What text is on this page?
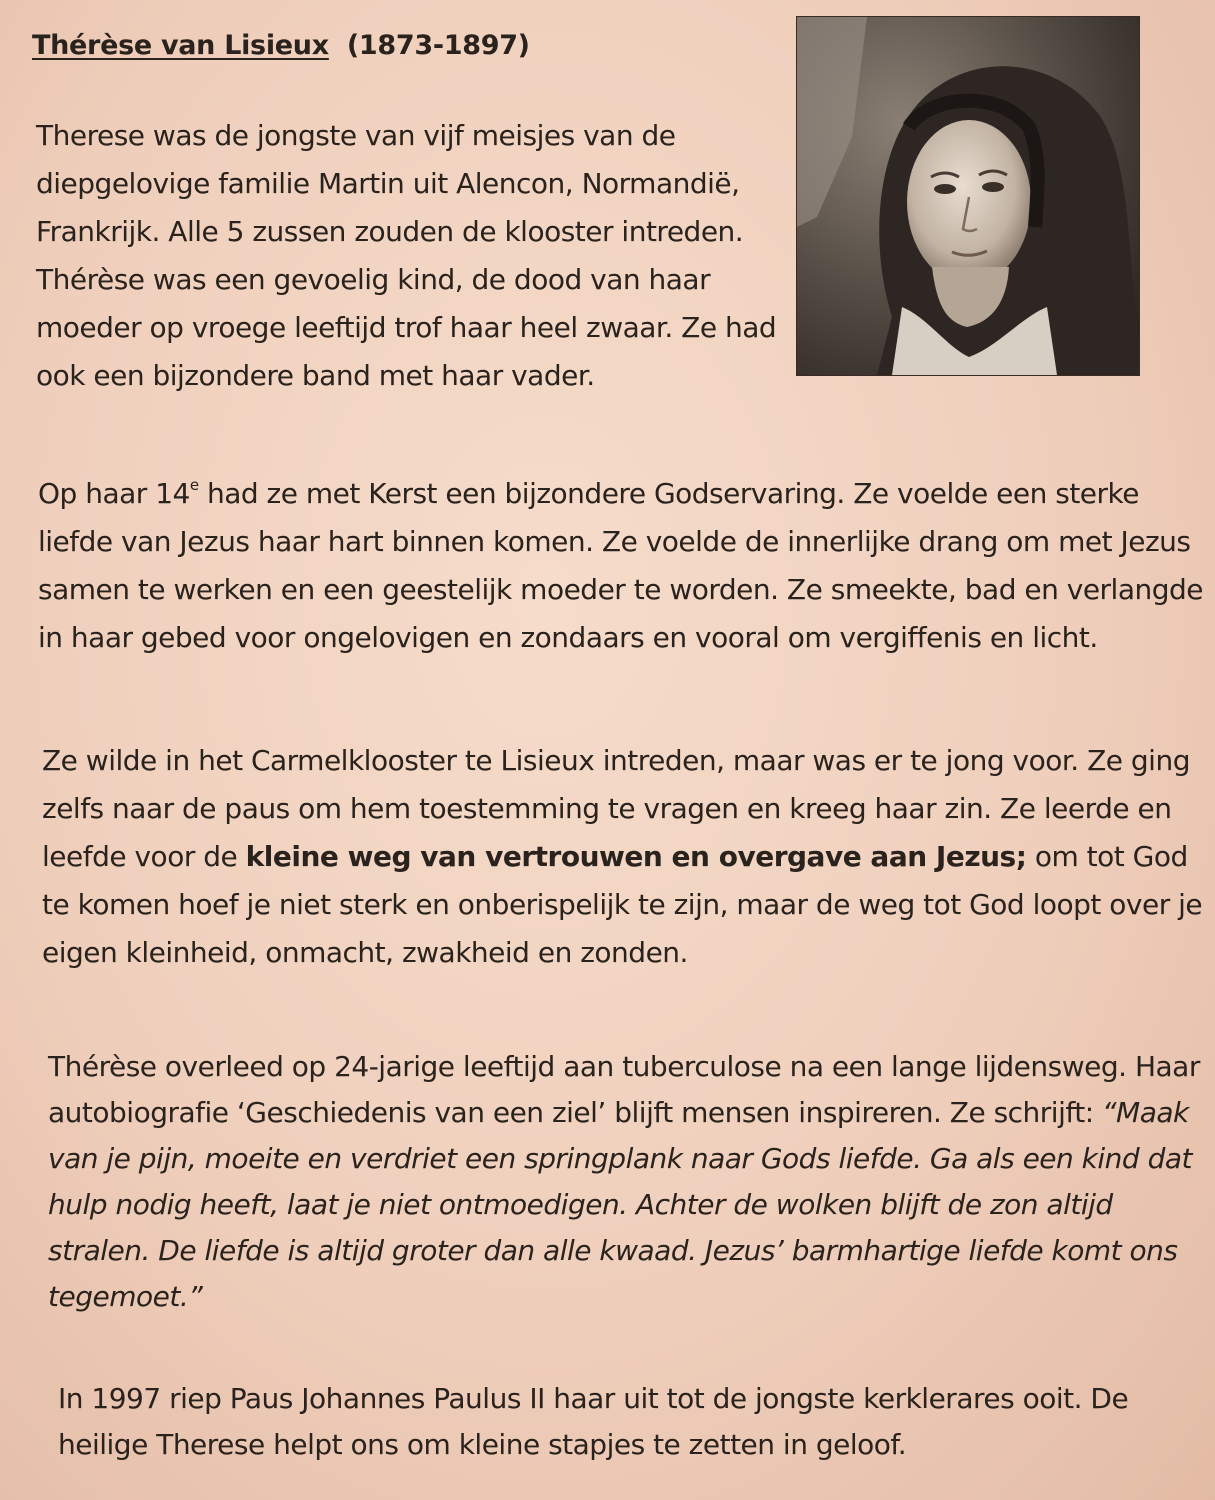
Thérèse van Lisieux (1873-1897)

Therese was de jongste van vijf meisjes van de diepgelovige familie Martin uit Alencon, Normandië, Frankrijk. Alle 5 zussen zouden de klooster intreden. Thérèse was een gevoelig kind, de dood van haar moeder op vroege leeftijd trof haar heel zwaar. Ze had ook een bijzondere band met haar vader.

Op haar 14e had ze met Kerst een bijzondere Godservaring. Ze voelde een sterke liefde van Jezus haar hart binnen komen. Ze voelde de innerlijke drang om met Jezus samen te werken en een geestelijk moeder te worden. Ze smeekte, bad en verlangde in haar gebed voor ongelovigen en zondaars en vooral om vergiffenis en licht.

Ze wilde in het Carmelklooster te Lisieux intreden, maar was er te jong voor. Ze ging zelfs naar de paus om hem toestemming te vragen en kreeg haar zin. Ze leerde en leefde voor de kleine weg van vertrouwen en overgave aan Jezus; om tot God te komen hoef je niet sterk en onberispelijk te zijn, maar de weg tot God loopt over je eigen kleinheid, onmacht, zwakheid en zonden.

Thérèse overleed op 24-jarige leeftijd aan tuberculose na een lange lijdensweg. Haar autobiografie ‘Geschiedenis van een ziel’ blijft mensen inspireren. Ze schrijft: “Maak van je pijn, moeite en verdriet een springplank naar Gods liefde. Ga als een kind dat hulp nodig heeft, laat je niet ontmoedigen. Achter de wolken blijft de zon altijd stralen. De liefde is altijd groter dan alle kwaad. Jezus’ barmhartige liefde komt ons tegemoet.”

In 1997 riep Paus Johannes Paulus II haar uit tot de jongste kerklerares ooit. De heilige Therese helpt ons om kleine stapjes te zetten in geloof.
